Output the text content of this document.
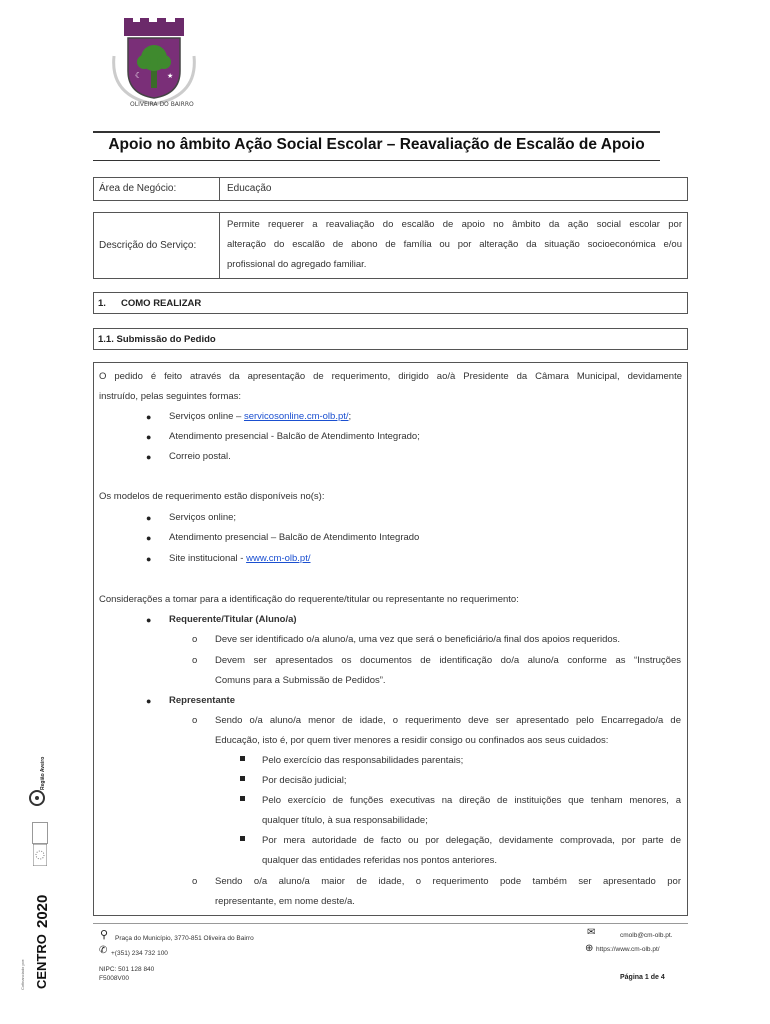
☾	★
OLIVEIRA DO BAIRRO
Apoio no âmbito Ação Social Escolar – Reavaliação de Escalão de Apoio
Área de Negócio:	Educação
Descrição do Serviço:
Permite requerer a reavaliação do escalão de apoio no âmbito da ação social escolar por
alteração do escalão de abono de família ou por alteração da situação socioeconómica e/ou
profissional do agregado familiar.
1. COMO REALIZAR
1.1. Submissão do Pedido
O pedido é feito através da apresentação de requerimento, dirigido ao/à Presidente da Câmara Municipal, devidamente
instruído, pelas seguintes formas:
● Serviços online – servicosonline.cm-olb.pt/;
● Atendimento presencial - Balcão de Atendimento Integrado;
● Correio postal.
Os modelos de requerimento estão disponíveis no(s):
● Serviços online;
● Atendimento presencial – Balcão de Atendimento Integrado
● Site institucional - www.cm-olb.pt/
Considerações a tomar para a identificação do requerente/titular ou representante no requerimento:
● Requerente/Titular (Aluno/a)
o Deve ser identificado o/a aluno/a, uma vez que será o beneficiário/a final dos apoios requeridos.
o Devem ser apresentados os documentos de identificação do/a aluno/a conforme as “Instruções
Comuns para a Submissão de Pedidos”.
● Representante
o Sendo o/a aluno/a menor de idade, o requerimento deve ser apresentado pelo Encarregado/a de
Educação, isto é, por quem tiver menores a residir consigo ou confinados aos seus cuidados:
Pelo exercício das responsabilidades parentais;
Por decisão judicial;
Pelo exercício de funções executivas na direção de instituições que tenham menores, a
qualquer título, à sua responsabilidade;
Por mera autoridade de facto ou por delegação, devidamente comprovada, por parte de
qualquer das entidades referidas nos pontos anteriores.
o Sendo o/a aluno/a maior de idade, o requerimento pode também ser apresentado por
representante, em nome deste/a.
⚲ Praça do Município, 3770-851 Oliveira do Bairro
✆ +(351) 234 732 100
✉	cmolb@cm-olb.pt.
⊕ https://www.cm-olb.pt/
NIPC: 501 128 840
F5008V00	Página 1 de 4
Região Aveiro
2020
CENTRO
Cofinanciado por:
